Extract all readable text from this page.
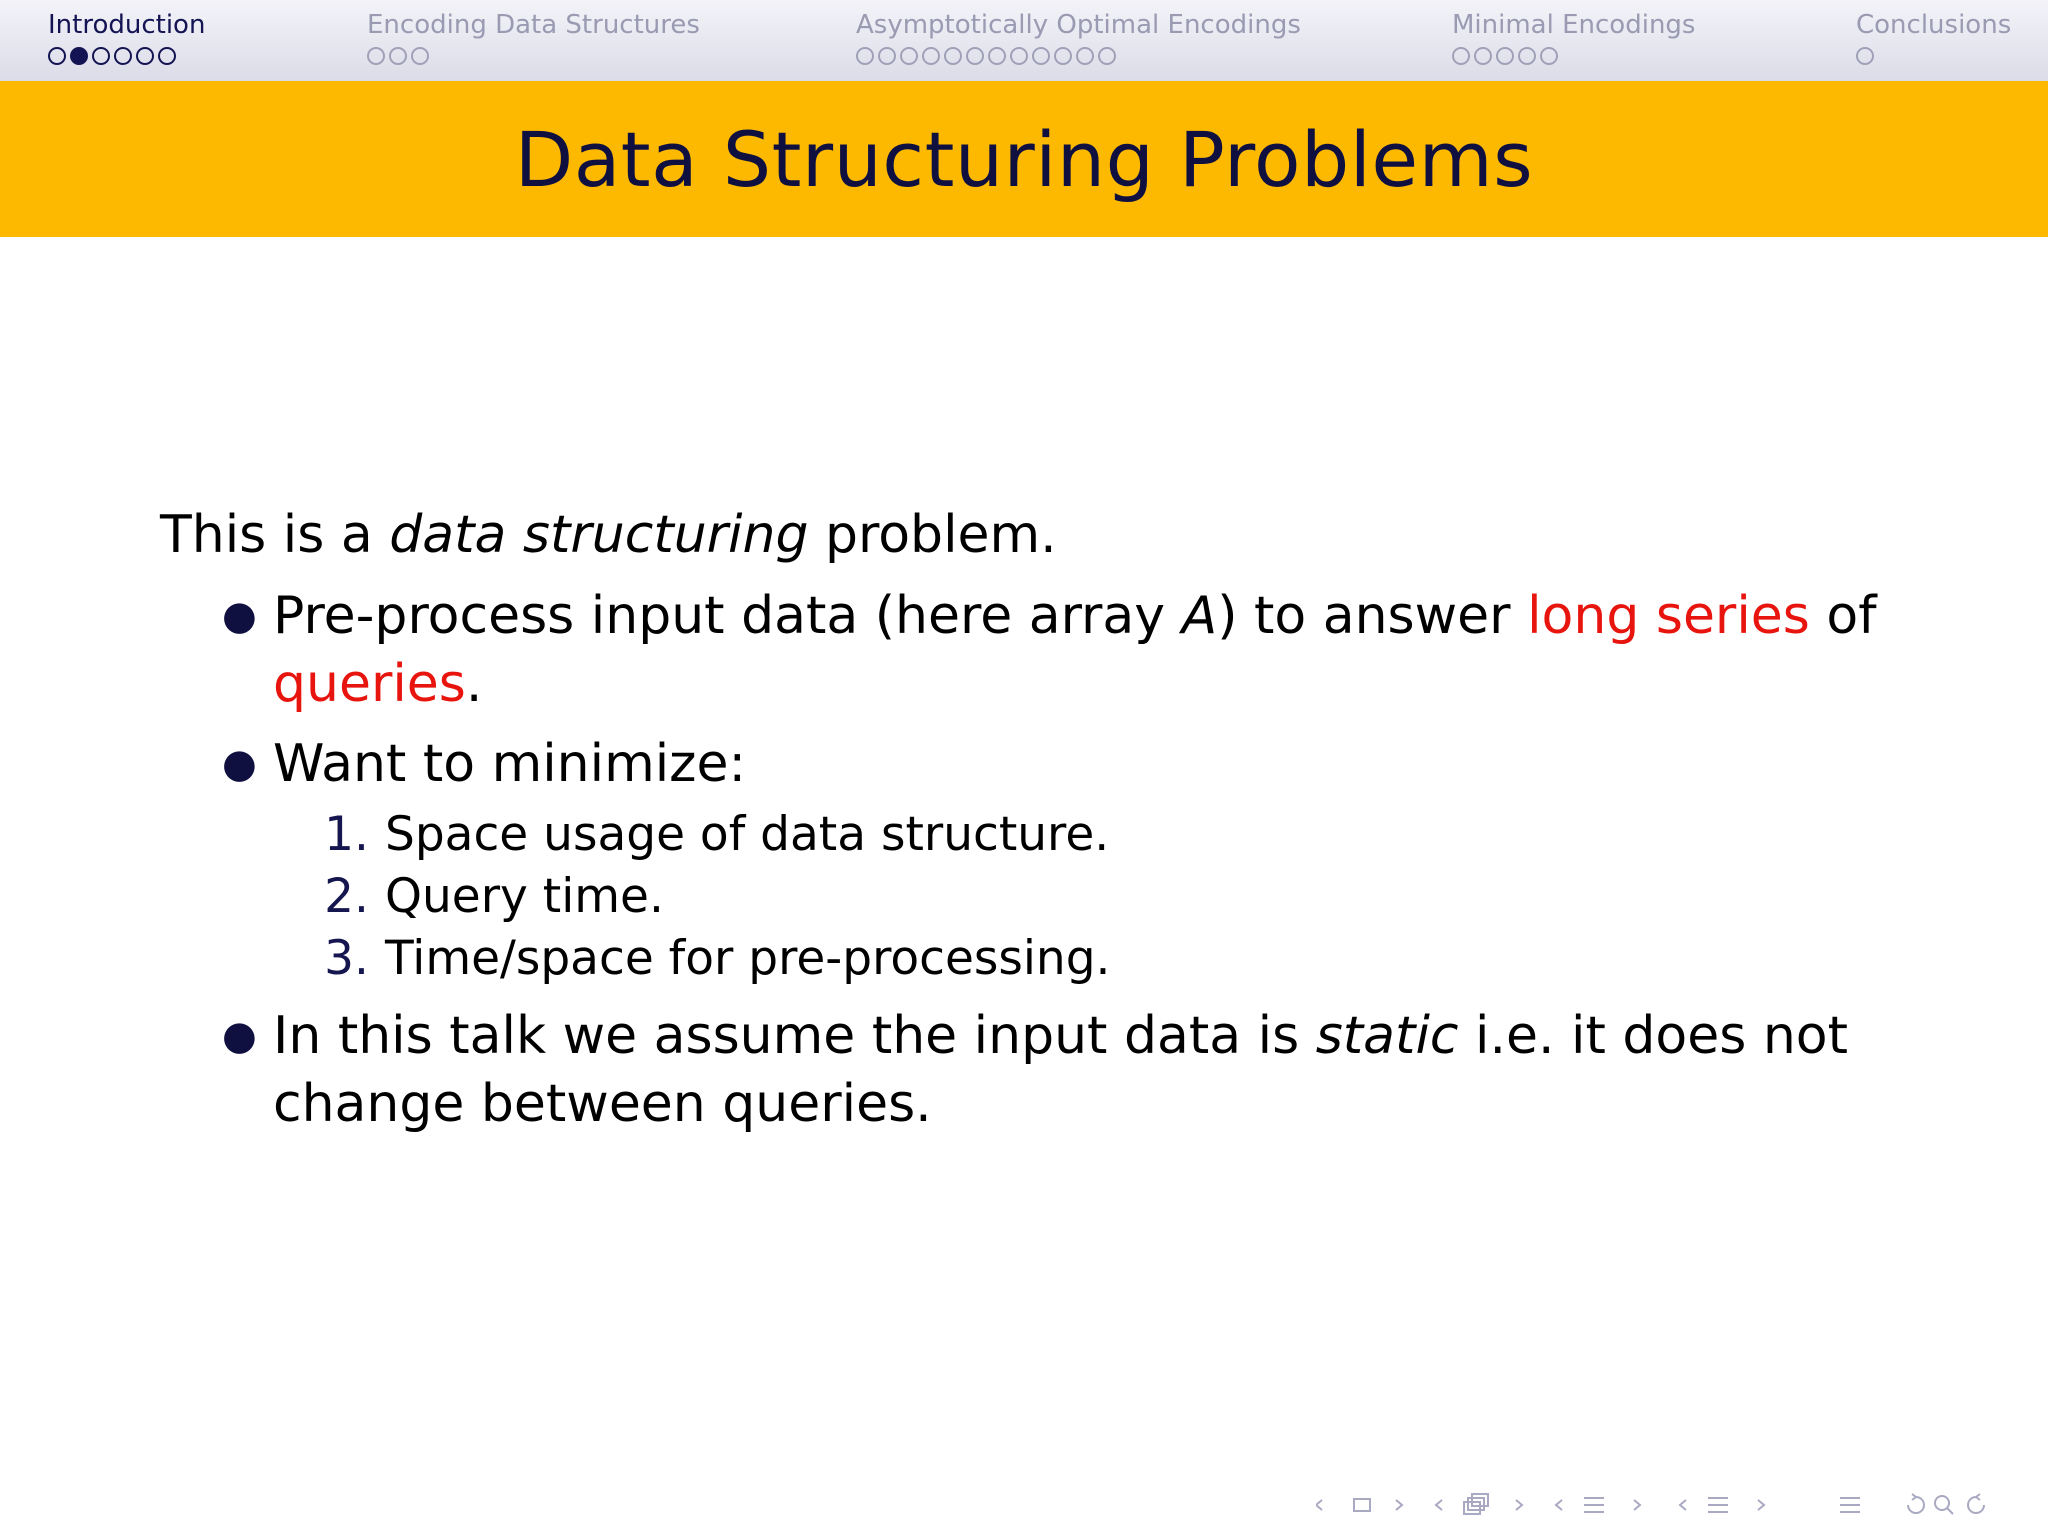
Introduction	Encoding Data Structures	Asymptotically Optimal Encodings	Minimal Encodings	Conclusions
Data Structuring Problems

This is a data structuring problem.

● Pre-process input data (here array A) to answer long series of
queries.
● Want to minimize:
1. Space usage of data structure.
2. Query time.
3. Time/space for pre-processing.
● In this talk we assume the input data is static i.e. it does not change between queries.
